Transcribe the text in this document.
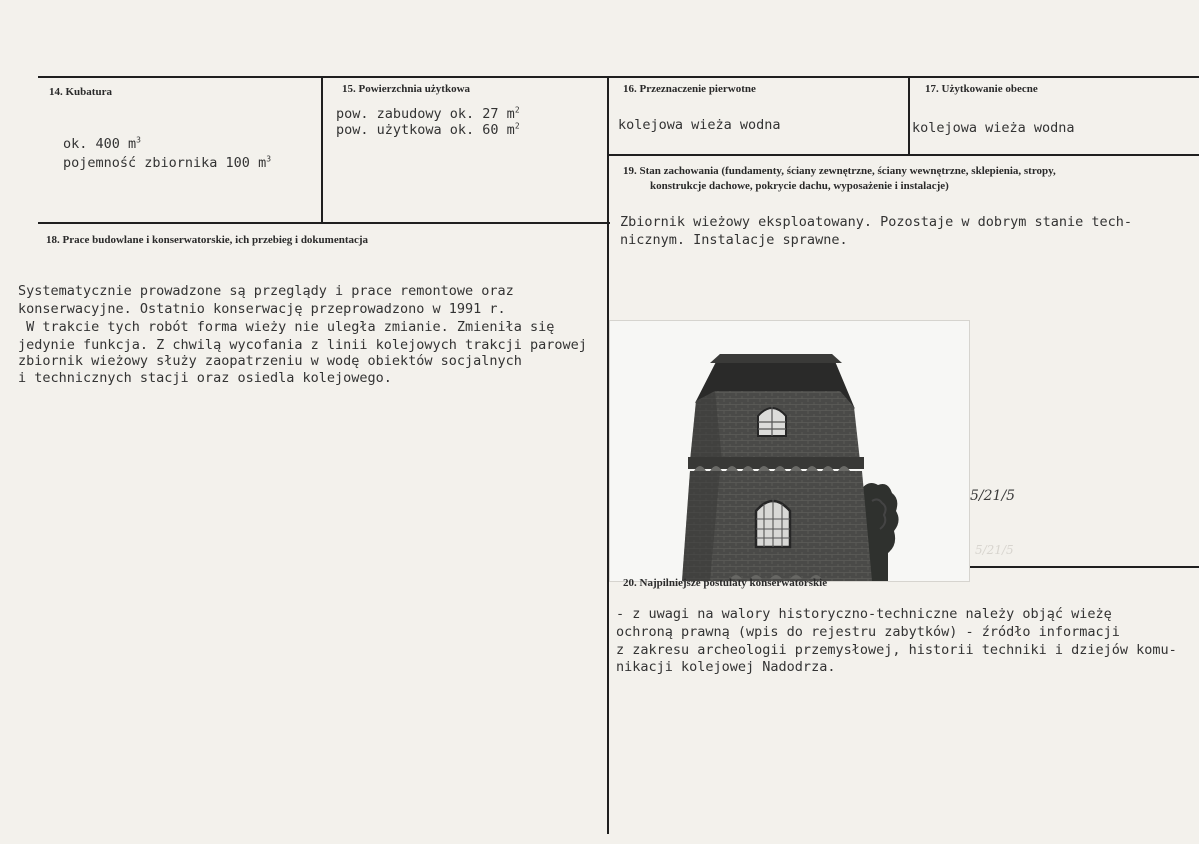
14. Kubatura
ok. 400 $m^3$
pojemność zbiornika 100 $m^3$
15. Powierzchnia użytkowa
pow. zabudowy ok. 27 $m^2$
pow. użytkowa ok. 60 $m^2$
16. Przeznaczenie pierwotne
kolejowa wieża wodna
17. Użytkowanie obecne
kolejowa wieża wodna
19. Stan zachowania (fundamenty, ściany zewnętrzne, ściany wewnętrzne, sklepienia, stropy,
konstrukcje dachowe, pokrycie dachu, wyposażenie i instalacje)
Zbiornik wieżowy eksploatowany. Pozostaje w dobrym stanie tech-
nicznym. Instalacje sprawne.
18. Prace budowlane i konserwatorskie, ich przebieg i dokumentacja
Systematycznie prowadzone są przeglądy i prace remontowe oraz
konserwacyjne. Ostatnio konserwację przeprowadzono w 1991 r.
W trakcie tych robót forma wieży nie uległa zmianie. Zmieniła się
jedynie funkcja. Z chwilą wycofania z linii kolejowych trakcji parowej
zbiornik wieżowy służy zaopatrzeniu w wodę obiektów socjalnych
i technicznych stacji oraz osiedla kolejowego.
5/21/5
5/21/5
20. Najpilniejsze postulaty konserwatorskie
- z uwagi na walory historyczno-techniczne należy objąć wieżę
ochroną prawną (wpis do rejestru zabytków) - źródło informacji
z zakresu archeologii przemysłowej, historii techniki i dziejów komu-
nikacji kolejowej Nadodrza.
